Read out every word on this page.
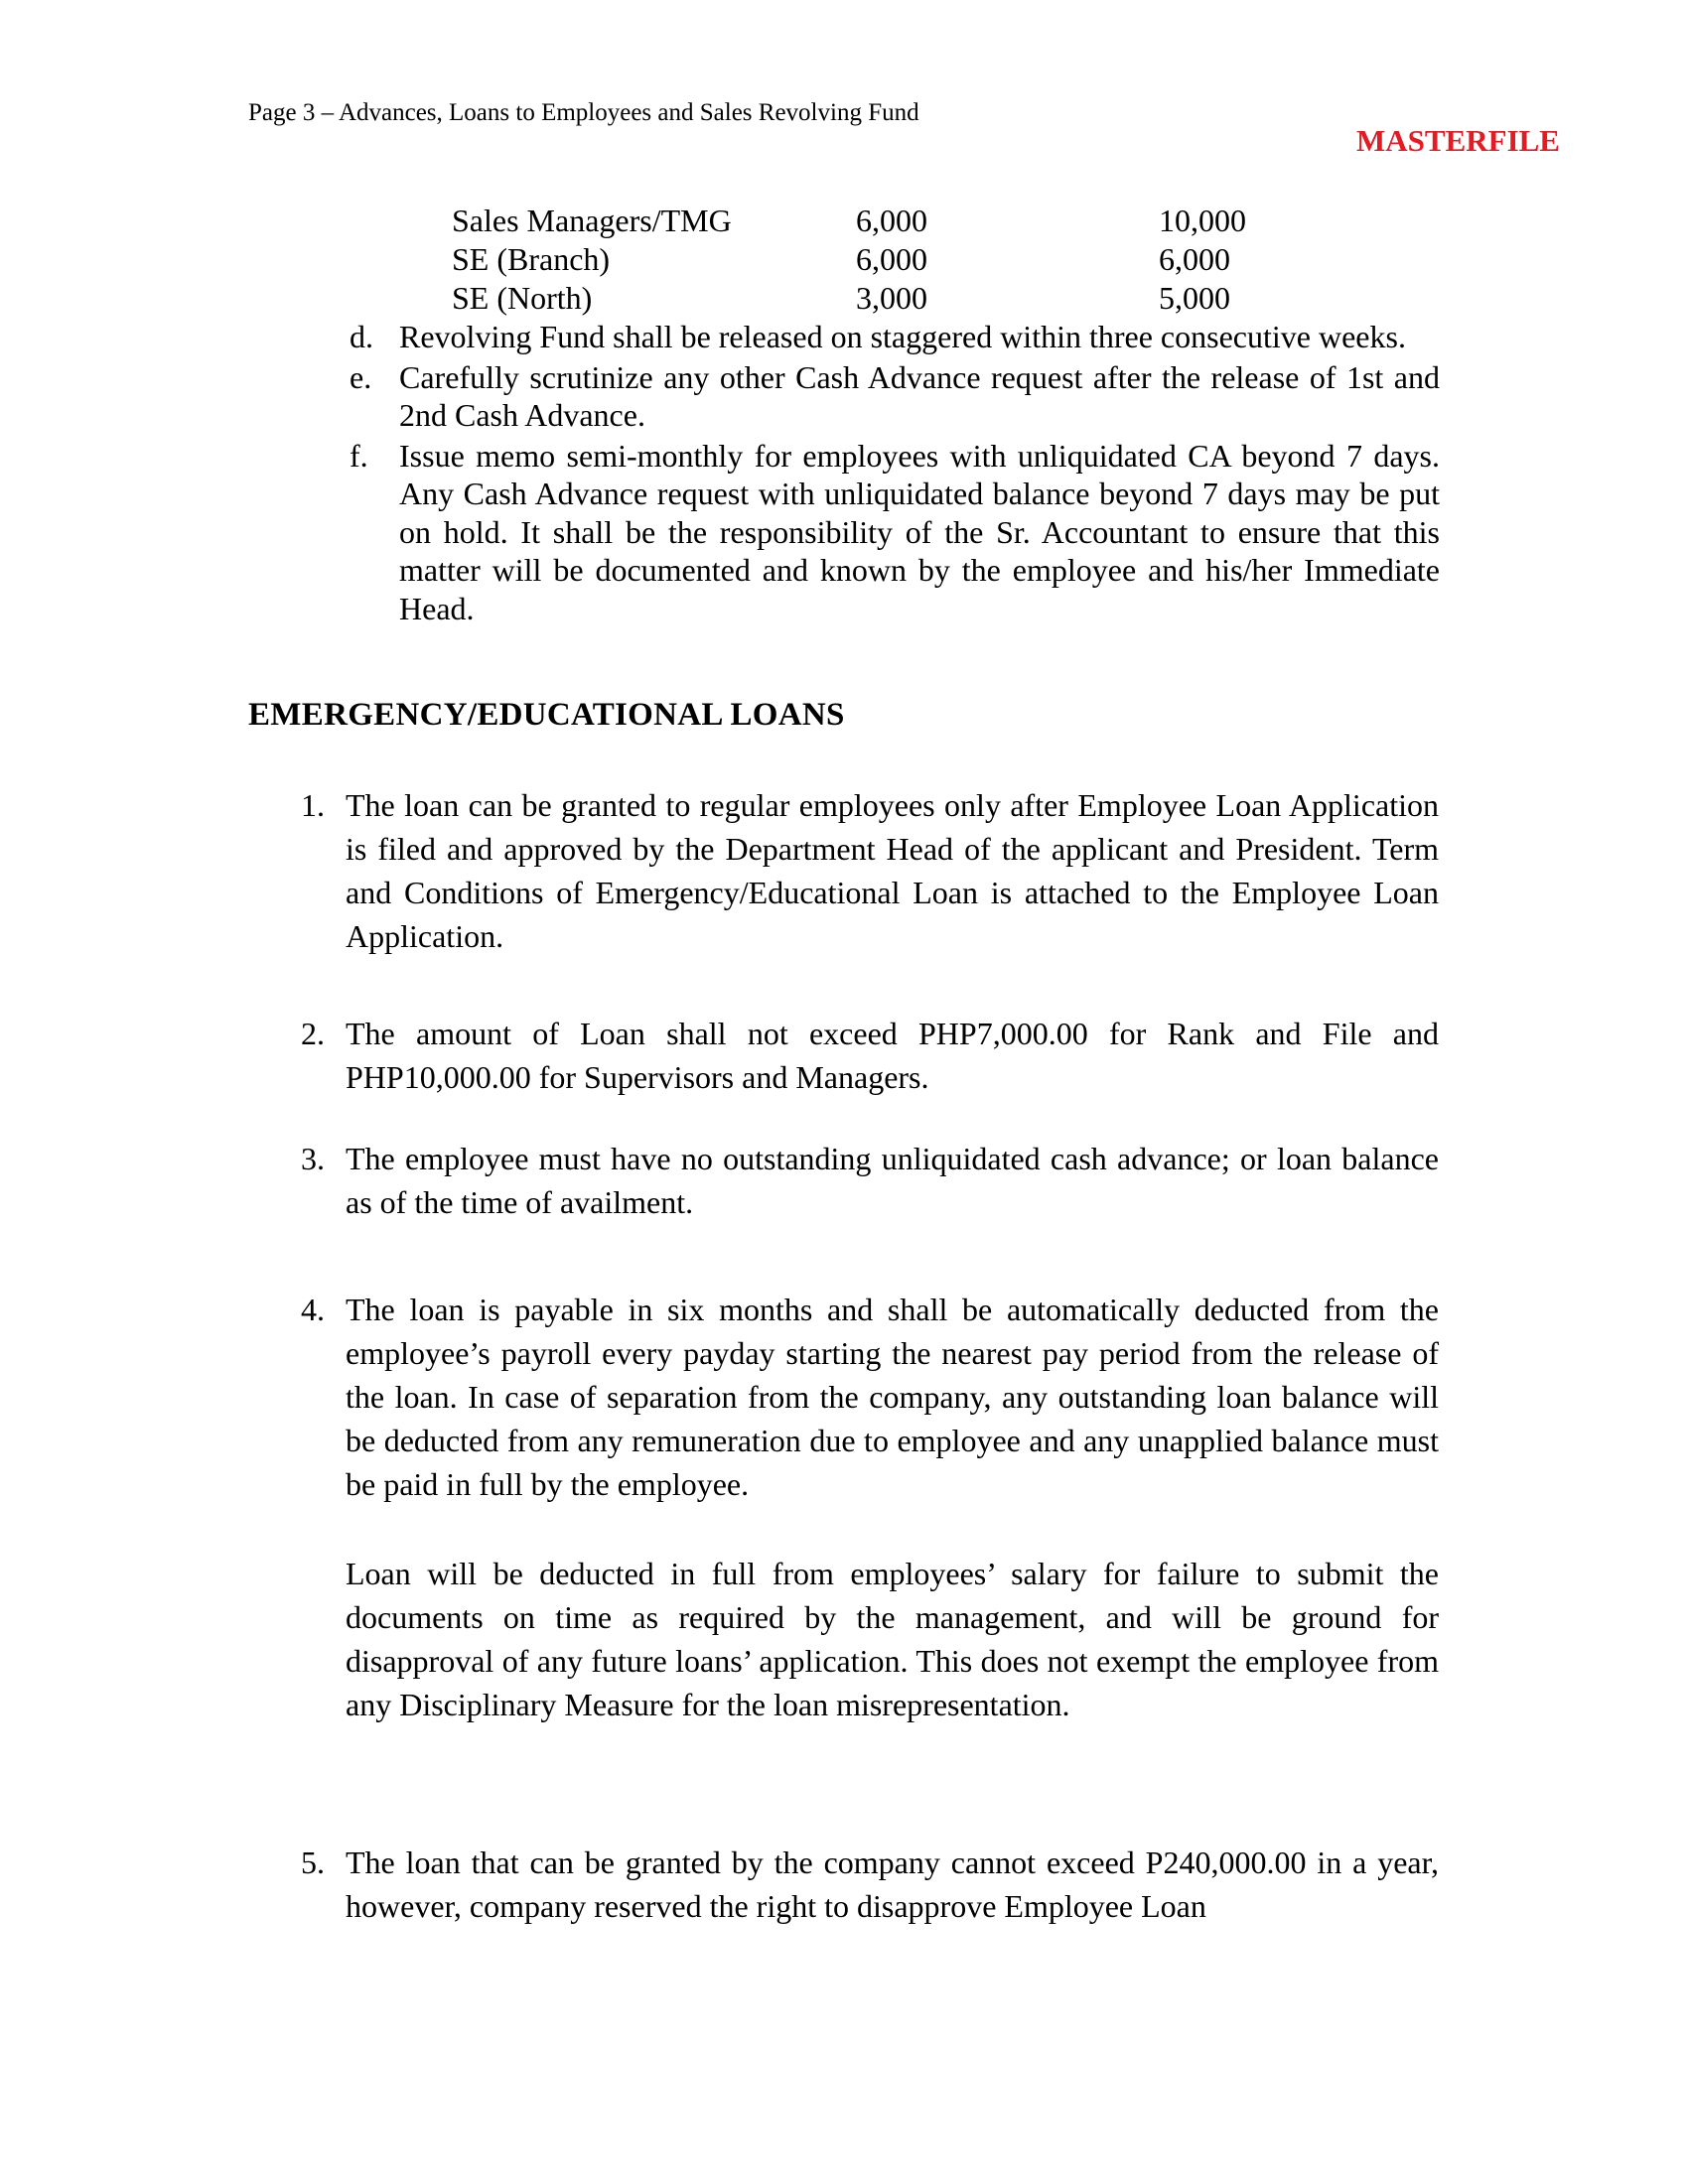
Page 3 – Advances, Loans to Employees and Sales Revolving Fund
MASTERFILE
Sales Managers/TMG	6,000	10,000
SE (Branch)	6,000	6,000
SE (North)	3,000	5,000
d. Revolving Fund shall be released on staggered within three consecutive weeks.
e. Carefully scrutinize any other Cash Advance request after the release of 1st and 2nd Cash Advance.
f. Issue memo semi-monthly for employees with unliquidated CA beyond 7 days. Any Cash Advance request with unliquidated balance beyond 7 days may be put on hold. It shall be the responsibility of the Sr. Accountant to ensure that this matter will be documented and known by the employee and his/her Immediate Head.
EMERGENCY/EDUCATIONAL LOANS
1. The loan can be granted to regular employees only after Employee Loan Application is filed and approved by the Department Head of the applicant and President. Term and Conditions of Emergency/Educational Loan is attached to the Employee Loan Application.
2. The amount of Loan shall not exceed PHP7,000.00 for Rank and File and PHP10,000.00 for Supervisors and Managers.
3. The employee must have no outstanding unliquidated cash advance; or loan balance as of the time of availment.
4. The loan is payable in six months and shall be automatically deducted from the employee’s payroll every payday starting the nearest pay period from the release of the loan. In case of separation from the company, any outstanding loan balance will be deducted from any remuneration due to employee and any unapplied balance must be paid in full by the employee.
Loan will be deducted in full from employees’ salary for failure to submit the documents on time as required by the management, and will be ground for disapproval of any future loans’ application. This does not exempt the employee from any Disciplinary Measure for the loan misrepresentation.
5. The loan that can be granted by the company cannot exceed P240,000.00 in a year, however, company reserved the right to disapprove Employee Loan
